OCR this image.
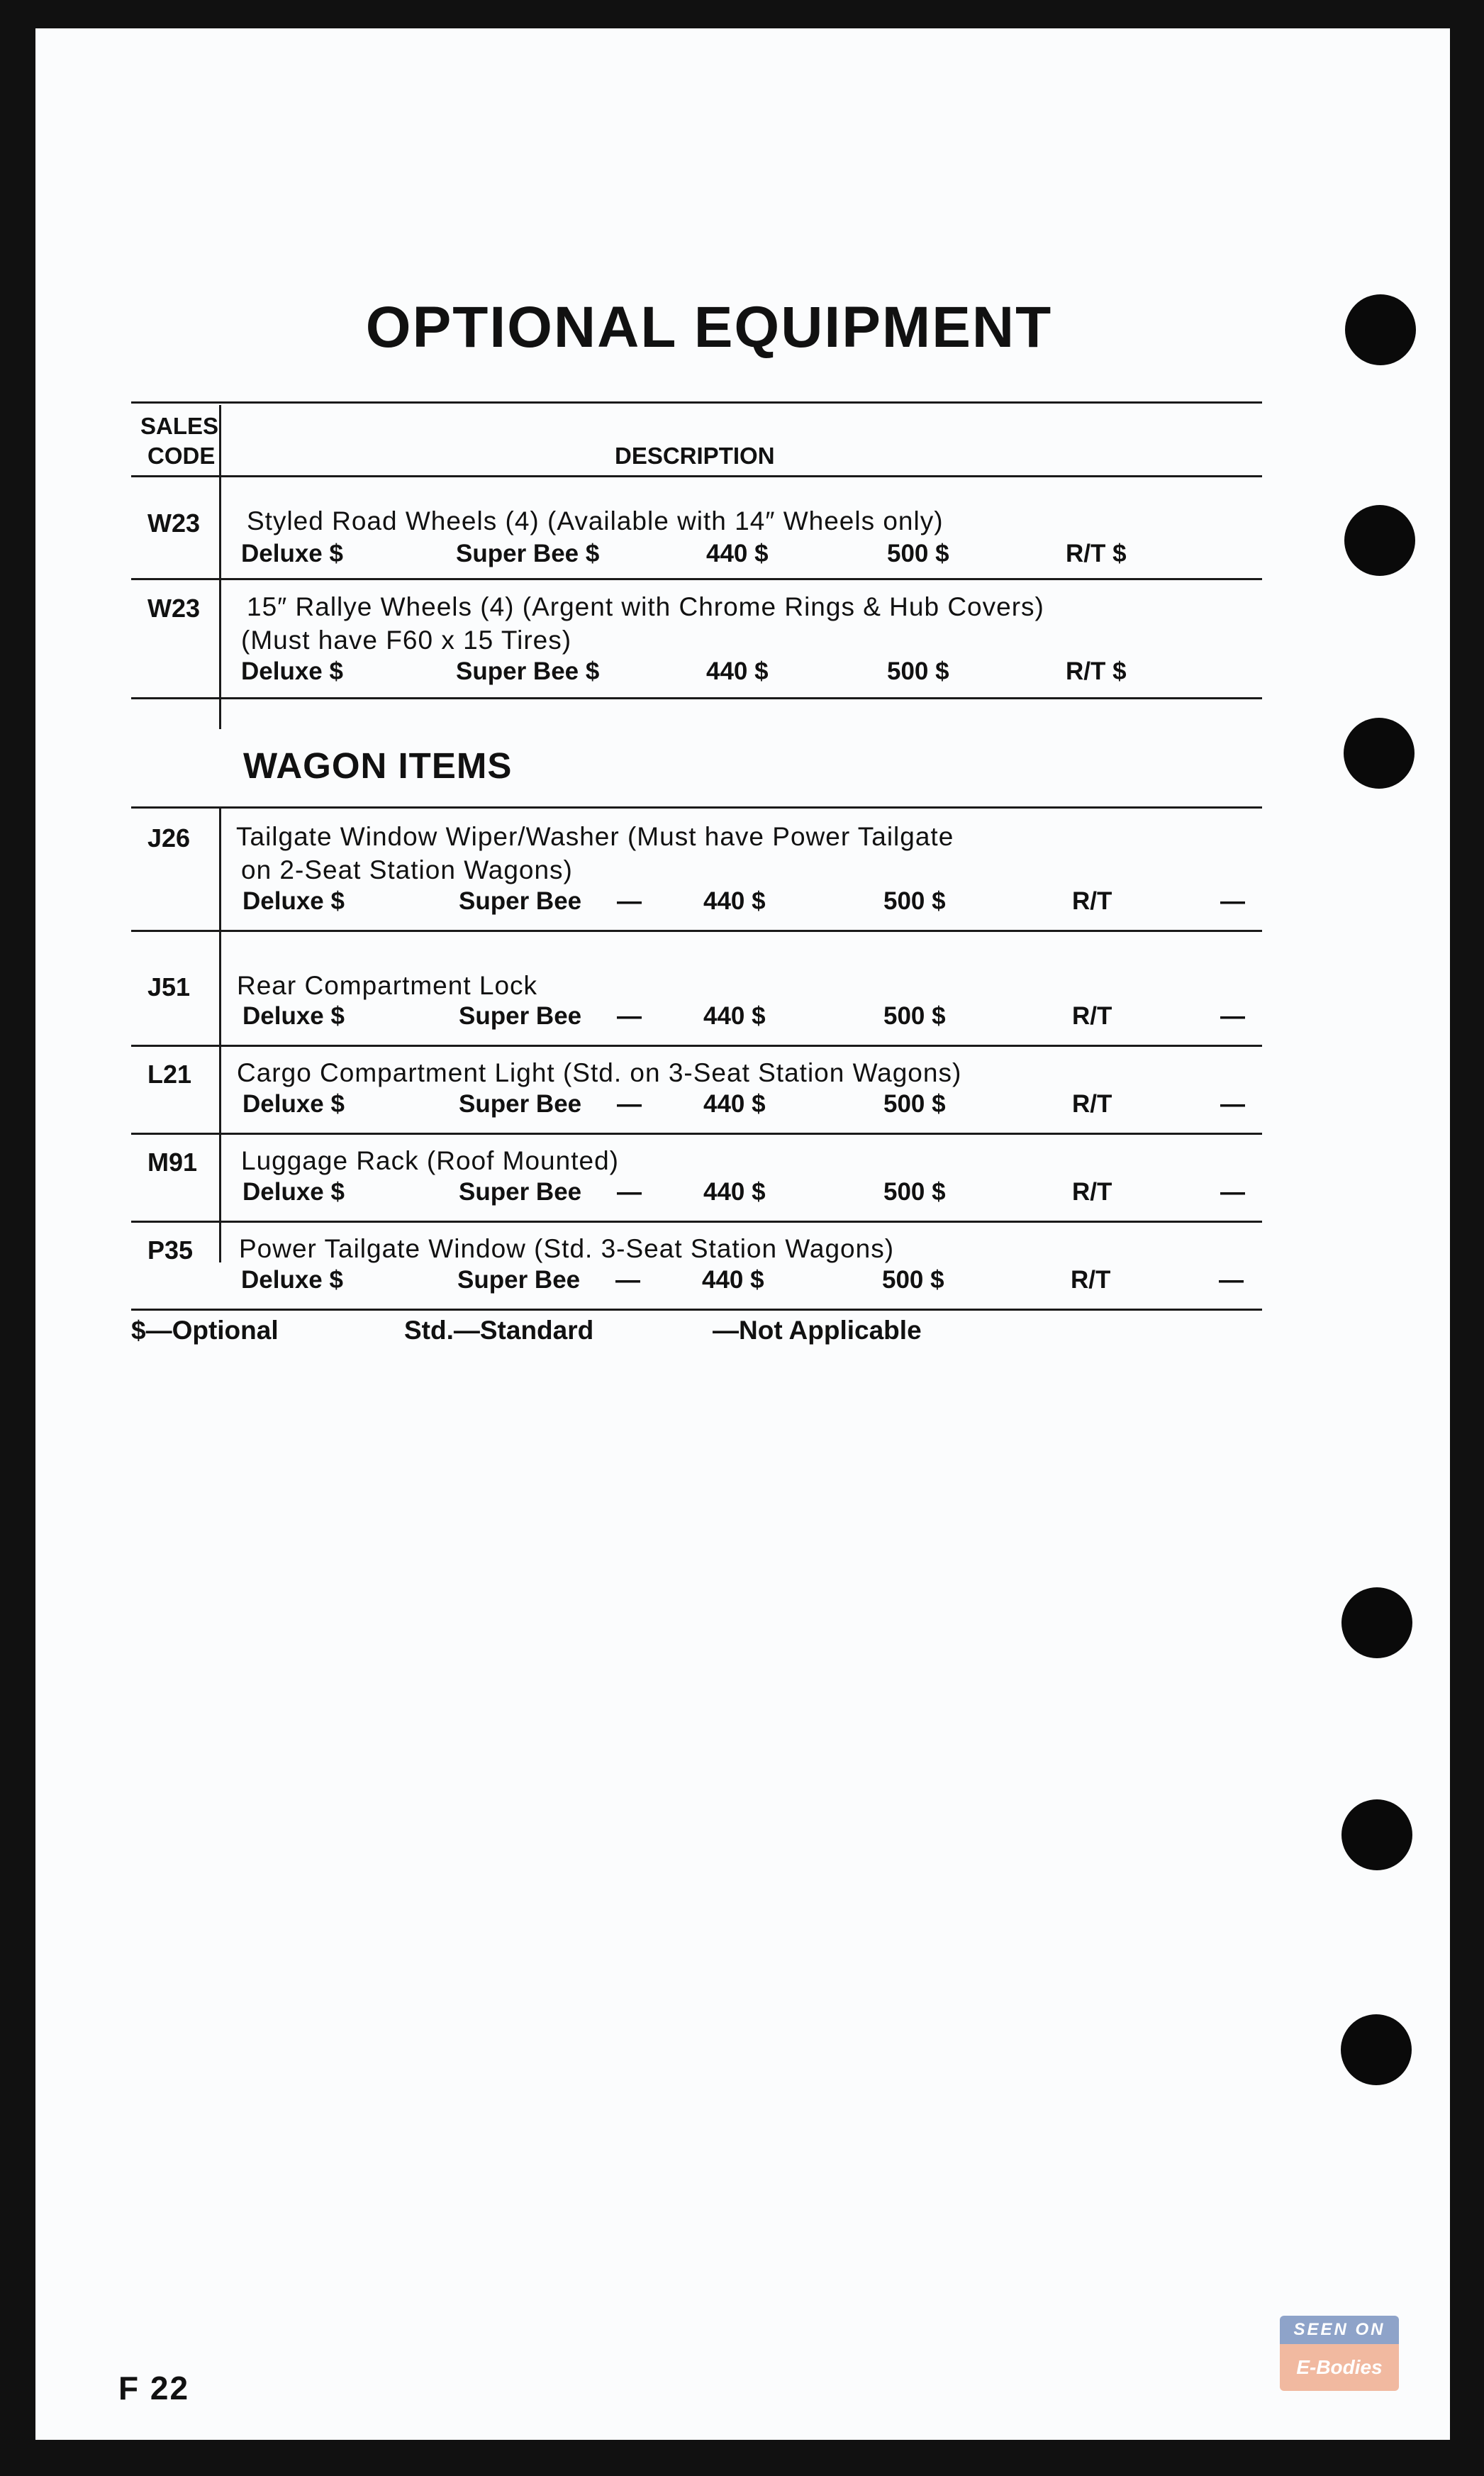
OPTIONAL EQUIPMENT
SALES
CODE	DESCRIPTION
W23 Styled Road Wheels (4) (Available with 14″ Wheels only)
Deluxe $	Super Bee $	440 $	500 $	R/T $
W23 15″ Rallye Wheels (4) (Argent with Chrome Rings & Hub Covers)
(Must have F60 x 15 Tires)
Deluxe $	Super Bee $	440 $	500 $	R/T $
WAGON ITEMS
J26 Tailgate Window Wiper/Washer (Must have Power Tailgate
on 2-Seat Station Wagons)
Deluxe $	Super Bee — 440 $	500 $	R/T	—
J51 Rear Compartment Lock
Deluxe $	Super Bee — 440 $	500 $	R/T	—
L21 Cargo Compartment Light (Std. on 3-Seat Station Wagons)
Deluxe $	Super Bee — 440 $	500 $	R/T	—
M91 Luggage Rack (Roof Mounted)
Deluxe $	Super Bee — 440 $	500 $	R/T	—
P35 Power Tailgate Window (Std. 3-Seat Station Wagons)
Deluxe $	Super Bee — 440 $	500 $	R/T	—
$—Optional	Std.—Standard	—Not Applicable
F 22
SEEN ON
E-Bodies
